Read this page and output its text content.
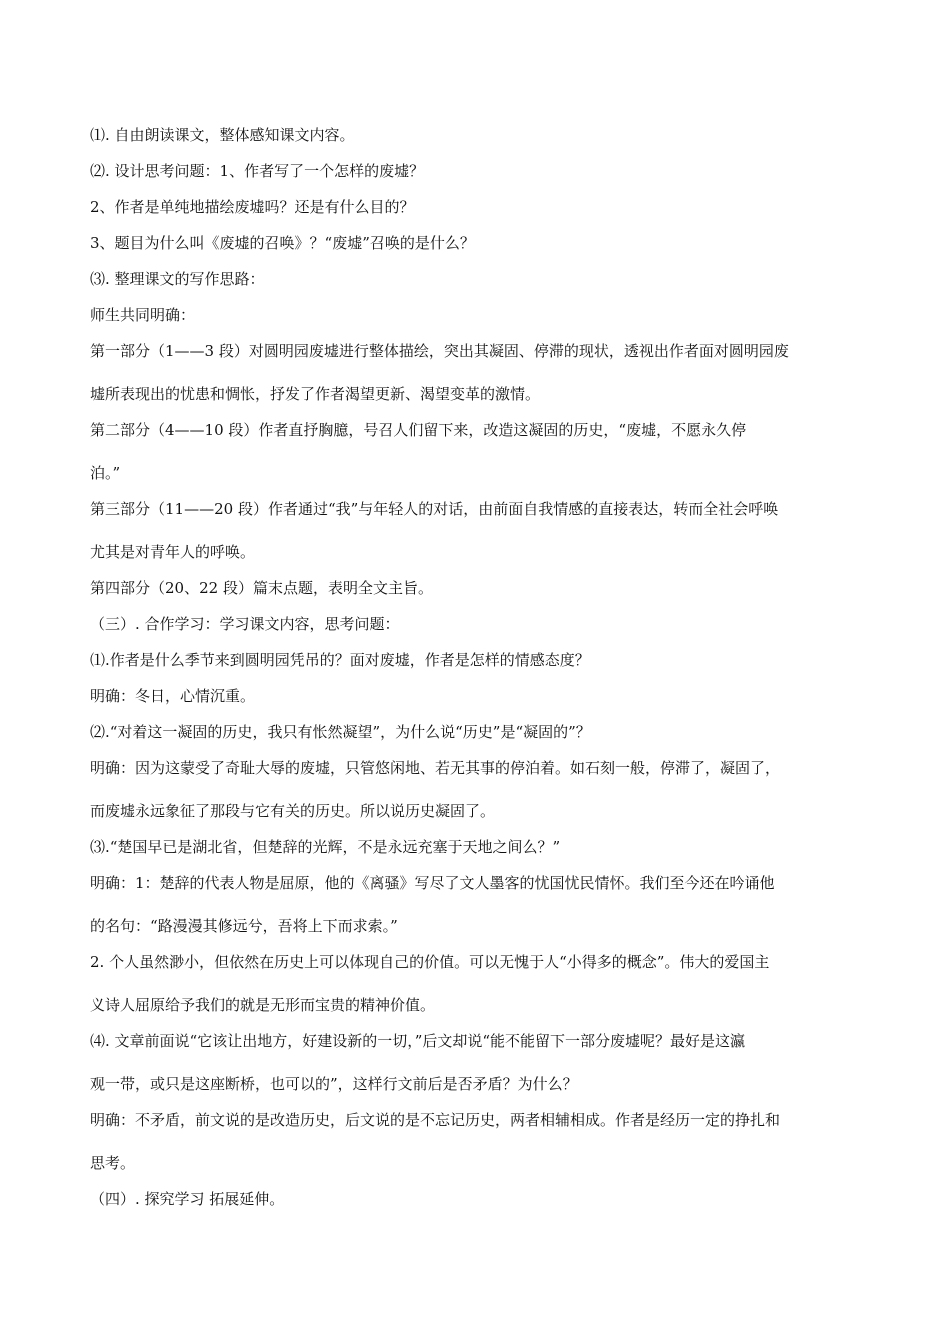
⑴. 自由朗读课文，整体感知课文内容。

⑵. 设计思考问题：1、作者写了一个怎样的废墟？

2、作者是单纯地描绘废墟吗？还是有什么目的？

3、题目为什么叫《废墟的召唤》？“废墟”召唤的是什么？

⑶. 整理课文的写作思路：

师生共同明确：

第一部分（1——3 段）对圆明园废墟进行整体描绘，突出其凝固、停滞的现状，透视出作者面对圆明园废

墟所表现出的忧患和惆怅，抒发了作者渴望更新、渴望变革的激情。

第二部分（4——10 段）作者直抒胸臆，号召人们留下来，改造这凝固的历史，“废墟，不愿永久停

泊。”

第三部分（11——20 段）作者通过“我”与年轻人的对话，由前面自我情感的直接表达，转而全社会呼唤

尤其是对青年人的呼唤。

第四部分（20、22 段）篇末点题，表明全文主旨。

（三）. 合作学习：学习课文内容，思考问题：

⑴.作者是什么季节来到圆明园凭吊的？面对废墟，作者是怎样的情感态度？

明确：冬日，心情沉重。

⑵.“对着这一凝固的历史，我只有怅然凝望”，为什么说“历史”是“凝固的”？

明确：因为这蒙受了奇耻大辱的废墟，只管悠闲地、若无其事的停泊着。如石刻一般，停滞了，凝固了，

而废墟永远象征了那段与它有关的历史。所以说历史凝固了。

⑶.“楚国早已是湖北省，但楚辞的光辉，不是永远充塞于天地之间么？”

明确：1：楚辞的代表人物是屈原，他的《离骚》写尽了文人墨客的忧国忧民情怀。我们至今还在吟诵他

的名句：“路漫漫其修远兮，吾将上下而求索。”

2. 个人虽然渺小，但依然在历史上可以体现自己的价值。可以无愧于人“小得多的概念”。伟大的爱国主

义诗人屈原给予我们的就是无形而宝贵的精神价值。

⑷. 文章前面说“它该让出地方，好建设新的一切，”后文却说“能不能留下一部分废墟呢？最好是这瀛

观一带，或只是这座断桥，也可以的”，这样行文前后是否矛盾？为什么？

明确：不矛盾，前文说的是改造历史，后文说的是不忘记历史，两者相辅相成。作者是经历一定的挣扎和

思考。

（四）. 探究学习 拓展延伸。
